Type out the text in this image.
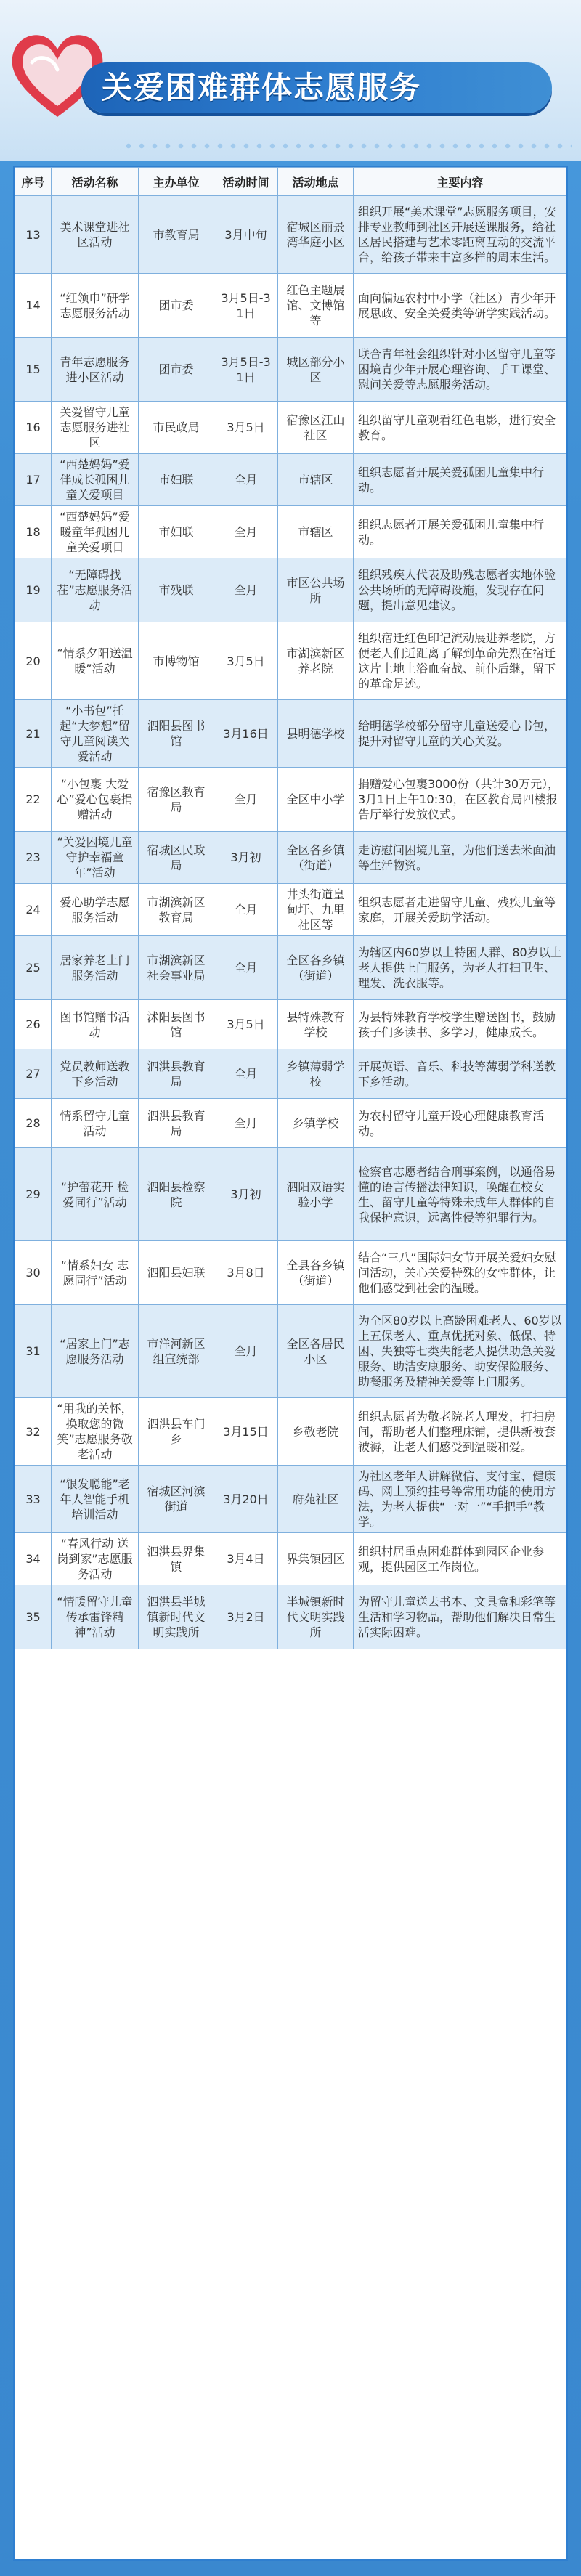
关爱困难群体志愿服务
序号	活动名称	主办单位	活动时间	活动地点	主要内容
13	美术课堂进社区活动	市教育局	3月中旬	宿城区丽景湾华庭小区	组织开展“美术课堂”志愿服务项目，安排专业教师到社区开展送课服务，给社区居民搭建与艺术零距离互动的交流平台，给孩子带来丰富多样的周末生活。
14	“红领巾”研学志愿服务活动	团市委	3月5日-31日	红色主题展馆、文博馆等	面向偏远农村中小学（社区）青少年开展思政、安全关爱类等研学实践活动。
15	青年志愿服务进小区活动	团市委	3月5日-31日	城区部分小区	联合青年社会组织针对小区留守儿童等困境青少年开展心理咨询、手工课堂、慰问关爱等志愿服务活动。
16	关爱留守儿童志愿服务进社区	市民政局	3月5日	宿豫区江山社区	组织留守儿童观看红色电影，进行安全教育。
17	“西楚妈妈”爱伴成长孤困儿童关爱项目	市妇联	全月	市辖区	组织志愿者开展关爱孤困儿童集中行动。
18	“西楚妈妈”爱暖童年孤困儿童关爱项目	市妇联	全月	市辖区	组织志愿者开展关爱孤困儿童集中行动。
19	“无障碍找茬”志愿服务活动	市残联	全月	市区公共场所	组织残疾人代表及助残志愿者实地体验公共场所的无障碍设施，发现存在问题，提出意见建议。
20	“情系夕阳送温暖”活动	市博物馆	3月5日	市湖滨新区养老院	组织宿迁红色印记流动展进养老院，方便老人们近距离了解到革命先烈在宿迁这片土地上浴血奋战、前仆后继，留下的革命足迹。
21	“小书包”托起“大梦想”留守儿童阅读关爱活动	泗阳县图书馆	3月16日	县明德学校	给明德学校部分留守儿童送爱心书包，提升对留守儿童的关心关爱。
22	“小包裹 大爱心”爱心包裹捐赠活动	宿豫区教育局	全月	全区中小学	捐赠爱心包裹3000份（共计30万元），3月1日上午10:30，在区教育局四楼报告厅举行发放仪式。
23	“关爱困境儿童 守护幸福童年”活动	宿城区民政局	3月初	全区各乡镇（街道）	走访慰问困境儿童，为他们送去米面油等生活物资。
24	爱心助学志愿服务活动	市湖滨新区教育局	全月	井头街道皇甸圩、九里社区等	组织志愿者走进留守儿童、残疾儿童等家庭，开展关爱助学活动。
25	居家养老上门服务活动	市湖滨新区社会事业局	全月	全区各乡镇（街道）	为辖区内60岁以上特困人群、80岁以上老人提供上门服务，为老人打扫卫生、理发、洗衣服等。
26	图书馆赠书活动	沭阳县图书馆	3月5日	县特殊教育学校	为县特殊教育学校学生赠送图书，鼓励孩子们多读书、多学习，健康成长。
27	党员教师送教下乡活动	泗洪县教育局	全月	乡镇薄弱学校	开展英语、音乐、科技等薄弱学科送教下乡活动。
28	情系留守儿童活动	泗洪县教育局	全月	乡镇学校	为农村留守儿童开设心理健康教育活动。
29	“护蕾花开 检爱同行”活动	泗阳县检察院	3月初	泗阳双语实验小学	检察官志愿者结合刑事案例，以通俗易懂的语言传播法律知识，唤醒在校女生、留守儿童等特殊未成年人群体的自我保护意识，远离性侵等犯罪行为。
30	“情系妇女 志愿同行”活动	泗阳县妇联	3月8日	全县各乡镇（街道）	结合“三八”国际妇女节开展关爱妇女慰问活动，关心关爱特殊的女性群体，让他们感受到社会的温暖。
31	“居家上门”志愿服务活动	市洋河新区组宣统部	全月	全区各居民小区	为全区80岁以上高龄困难老人、60岁以上五保老人、重点优抚对象、低保、特困、失独等七类失能老人提供助急关爱服务、助洁安康服务、助安保险服务、助餐服务及精神关爱等上门服务。
32	“用我的关怀，换取您的微笑”志愿服务敬老活动	泗洪县车门乡	3月15日	乡敬老院	组织志愿者为敬老院老人理发，打扫房间，帮助老人们整理床铺，提供新被套被褥，让老人们感受到温暖和爱。
33	“银发聪能”老年人智能手机培训活动	宿城区河滨街道	3月20日	府苑社区	为社区老年人讲解微信、支付宝、健康码、网上预约挂号等常用功能的使用方法，为老人提供“一对一”“手把手”教学。
34	“春风行动 送岗到家”志愿服务活动	泗洪县界集镇	3月4日	界集镇园区	组织村居重点困难群体到园区企业参观，提供园区工作岗位。
35	“情暖留守儿童 传承雷锋精神”活动	泗洪县半城镇新时代文明实践所	3月2日	半城镇新时代文明实践所	为留守儿童送去书本、文具盒和彩笔等生活和学习物品，帮助他们解决日常生活实际困难。
